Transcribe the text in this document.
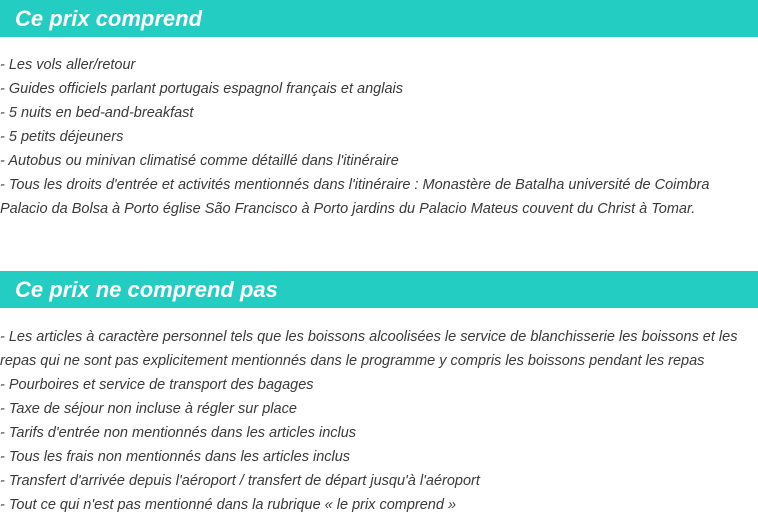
Ce prix comprend
- Les vols aller/retour
- Guides officiels parlant portugais espagnol français et anglais
- 5 nuits en bed-and-breakfast
- 5 petits déjeuners
- Autobus ou minivan climatisé comme détaillé dans l'itinéraire
- Tous les droits d'entrée et activités mentionnés dans l'itinéraire : Monastère de Batalha université de Coimbra Palacio da Bolsa à Porto église São Francisco à Porto jardins du Palacio Mateus couvent du Christ à Tomar.
Ce prix ne comprend pas
- Les articles à caractère personnel tels que les boissons alcoolisées le service de blanchisserie les boissons et les repas qui ne sont pas explicitement mentionnés dans le programme y compris les boissons pendant les repas
- Pourboires et service de transport des bagages
- Taxe de séjour non incluse à régler sur place
- Tarifs d'entrée non mentionnés dans les articles inclus
- Tous les frais non mentionnés dans les articles inclus
- Transfert d'arrivée depuis l'aéroport / transfert de départ jusqu'à l'aéroport
- Tout ce qui n'est pas mentionné dans la rubrique « le prix comprend »
